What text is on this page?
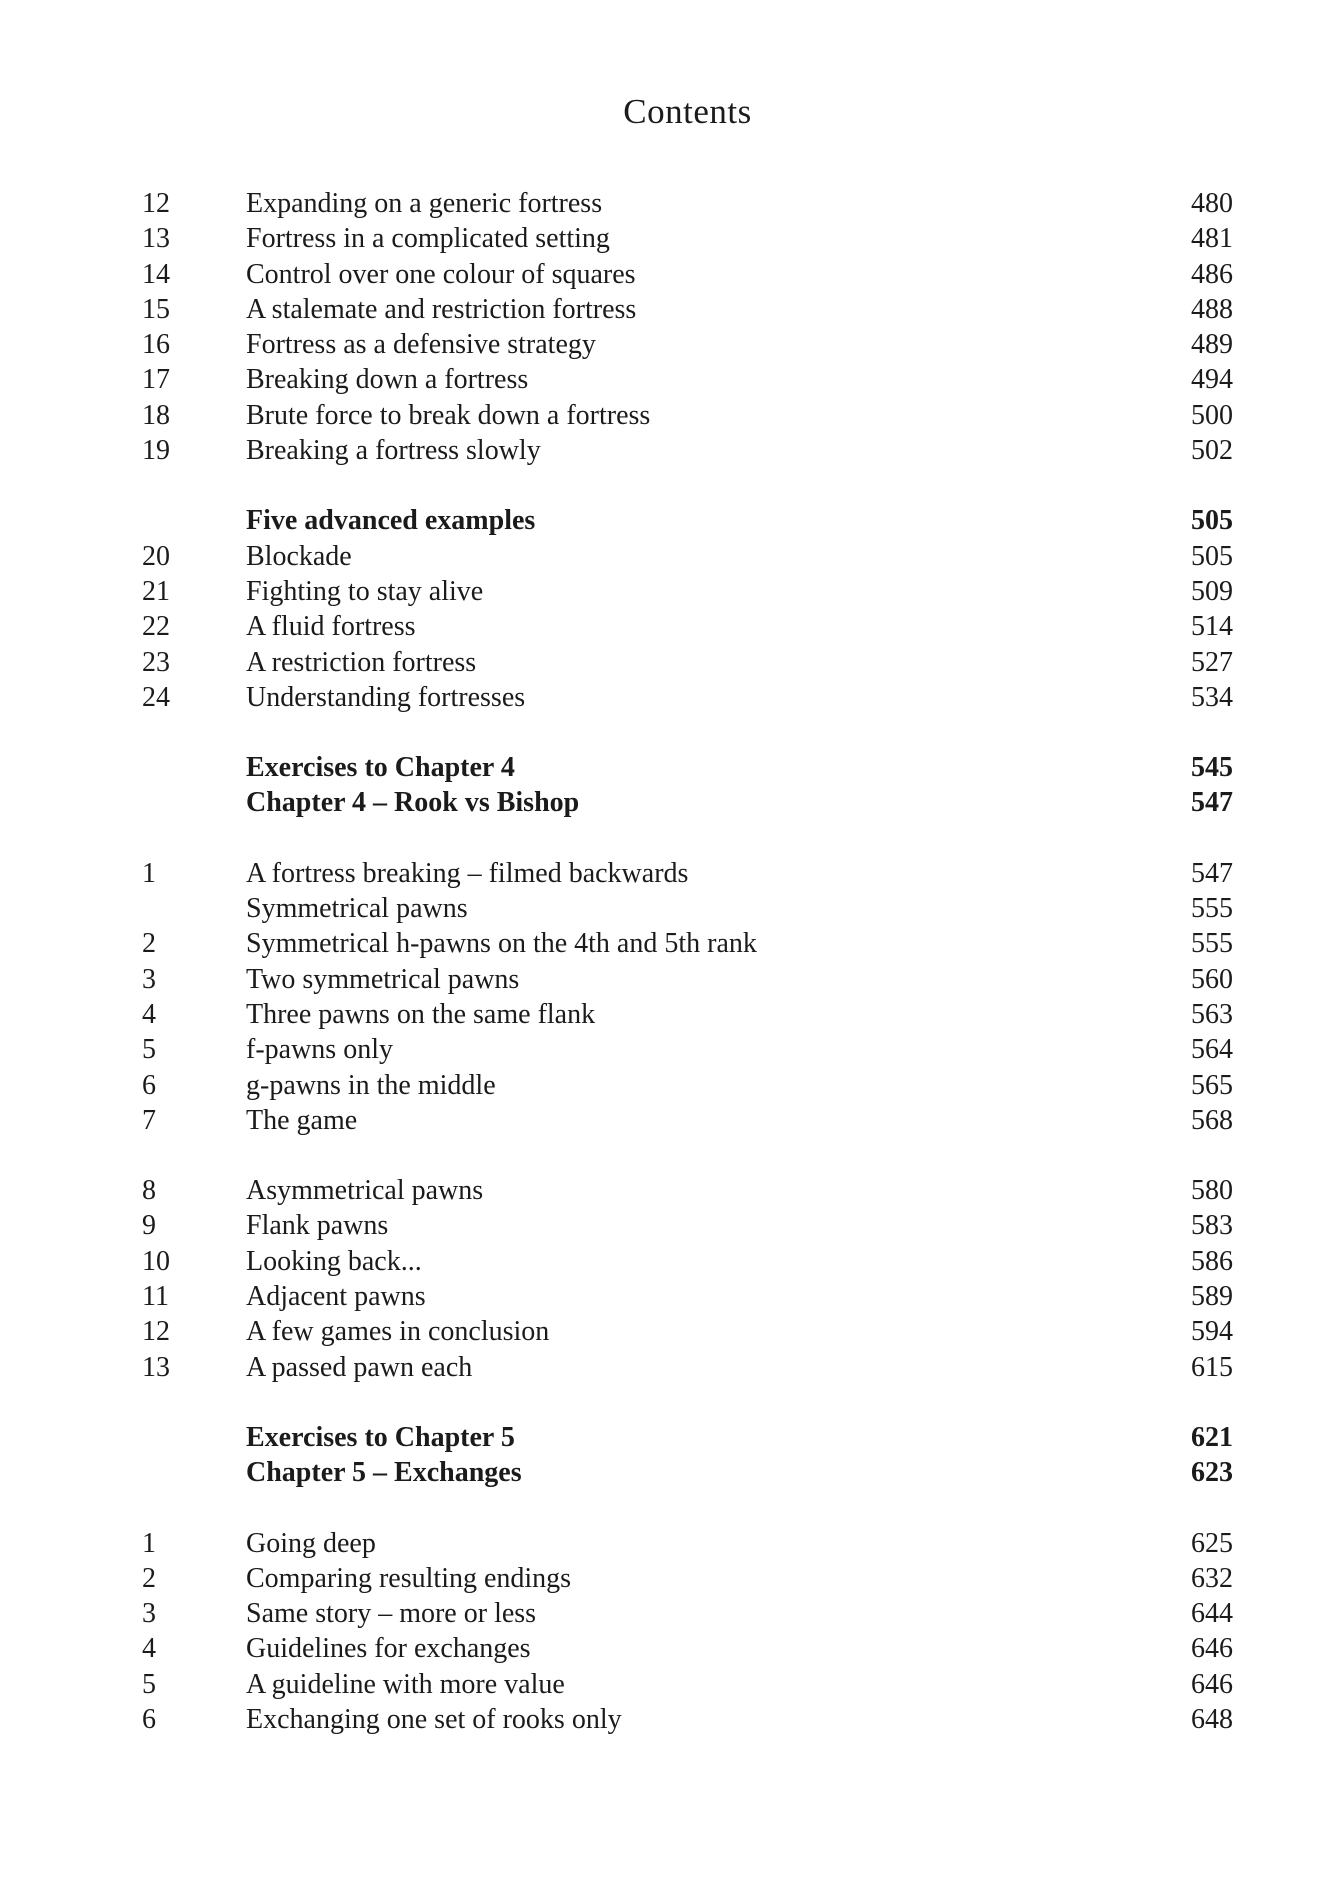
Contents
12	Expanding on a generic fortress	480
13	Fortress in a complicated setting	481
14	Control over one colour of squares	486
15	A stalemate and restriction fortress	488
16	Fortress as a defensive strategy	489
17	Breaking down a fortress	494
18	Brute force to break down a fortress	500
19	Breaking a fortress slowly	502
Five advanced examples	505
20	Blockade	505
21	Fighting to stay alive	509
22	A fluid fortress	514
23	A restriction fortress	527
24	Understanding fortresses	534
Exercises to Chapter 4	545
Chapter 4 – Rook vs Bishop	547
1	A fortress breaking – filmed backwards	547
Symmetrical pawns	555
2	Symmetrical h-pawns on the 4th and 5th rank	555
3	Two symmetrical pawns	560
4	Three pawns on the same flank	563
5	f-pawns only	564
6	g-pawns in the middle	565
7	The game	568
8	Asymmetrical pawns	580
9	Flank pawns	583
10	Looking back...	586
11	Adjacent pawns	589
12	A few games in conclusion	594
13	A passed pawn each	615
Exercises to Chapter 5	621
Chapter 5 – Exchanges	623
1	Going deep	625
2	Comparing resulting endings	632
3	Same story – more or less	644
4	Guidelines for exchanges	646
5	A guideline with more value	646
6	Exchanging one set of rooks only	648
